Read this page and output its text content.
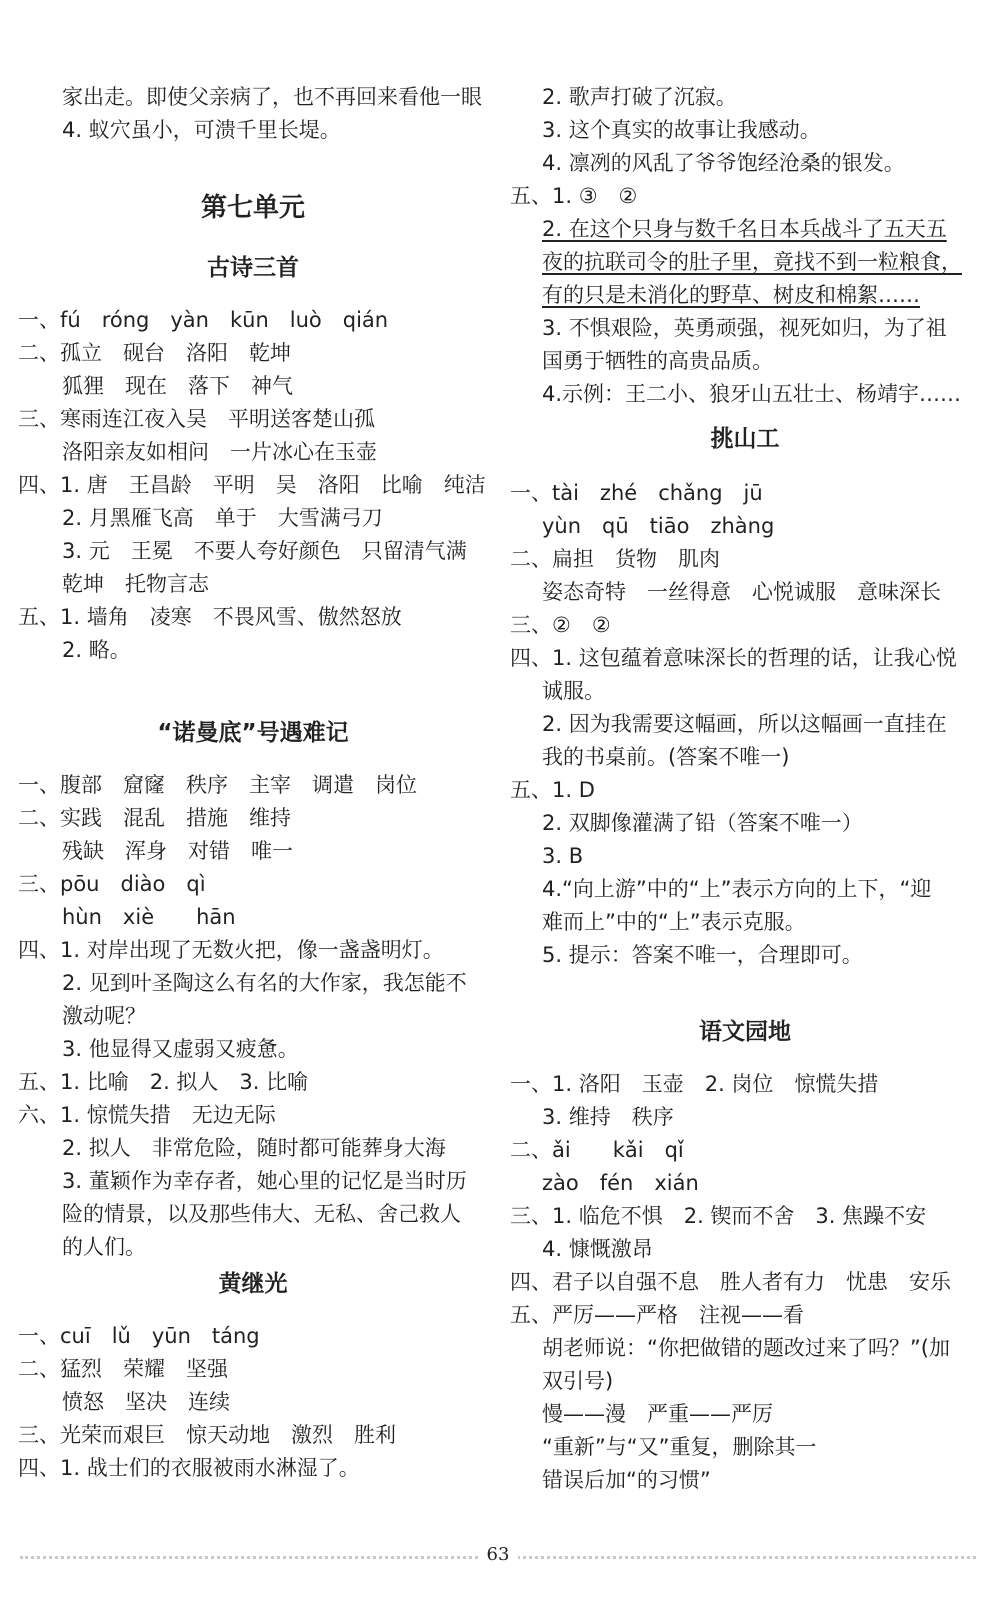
家出走。即使父亲病了，也不再回来看他一眼
4. 蚁穴虽小，可溃千里长堤。
第七单元
古诗三首
一、fú　róng　yàn　kūn　luò　qián
二、孤立　砚台　洛阳　乾坤
狐狸　现在　落下　神气
三、寒雨连江夜入吴　平明送客楚山孤
洛阳亲友如相问　一片冰心在玉壶
四、1. 唐　王昌龄　平明　吴　洛阳　比喻　纯洁
2. 月黑雁飞高　单于　大雪满弓刀
3. 元　王冕　不要人夸好颜色　只留清气满
乾坤　托物言志
五、1. 墙角　凌寒　不畏风雪、傲然怒放
2. 略。
“诺曼底”号遇难记
一、腹部　窟窿　秩序　主宰　调遣　岗位
二、实践　混乱　措施　维持
残缺　浑身　对错　唯一
三、pōu　diào　qì
hùn　xiè　　hān
四、1. 对岸出现了无数火把，像一盏盏明灯。
2. 见到叶圣陶这么有名的大作家，我怎能不
激动呢？
3. 他显得又虚弱又疲惫。
五、1. 比喻　2. 拟人　3. 比喻
六、1. 惊慌失措　无边无际
2. 拟人　非常危险，随时都可能葬身大海
3. 董颖作为幸存者，她心里的记忆是当时历
险的情景，以及那些伟大、无私、舍己救人
的人们。
黄继光
一、cuī　lǔ　yūn　táng
二、猛烈　荣耀　坚强
愤怒　坚决　连续
三、光荣而艰巨　惊天动地　激烈　胜利
四、1. 战士们的衣服被雨水淋湿了。
2. 歌声打破了沉寂。
3. 这个真实的故事让我感动。
4. 凛冽的风乱了爷爷饱经沧桑的银发。
五、1. ③　②
2. 在这个只身与数千名日本兵战斗了五天五
夜的抗联司令的肚子里，竟找不到一粒粮食，
有的只是未消化的野草、树皮和棉絮……
3. 不惧艰险，英勇顽强，视死如归，为了祖
国勇于牺牲的高贵品质。
4.示例：王二小、狼牙山五壮士、杨靖宇……
挑山工
一、tài　zhé　chǎng　jū
yùn　qū　tiāo　zhàng
二、扁担　货物　肌肉
姿态奇特　一丝得意　心悦诚服　意味深长
三、②　②
四、1. 这包蕴着意味深长的哲理的话，让我心悦
诚服。
2. 因为我需要这幅画，所以这幅画一直挂在
我的书桌前。(答案不唯一)
五、1. D
2. 双脚像灌满了铅（答案不唯一）
3. B
4.“向上游”中的“上”表示方向的上下，“迎
难而上”中的“上”表示克服。
5. 提示：答案不唯一，合理即可。
语文园地
一、1. 洛阳　玉壶　2. 岗位　惊慌失措
3. 维持　秩序
二、ǎi　　kǎi　qǐ
zào　fén　xián
三、1. 临危不惧　2. 锲而不舍　3. 焦躁不安
4. 慷慨激昂
四、君子以自强不息　胜人者有力　忧患　安乐
五、严厉——严格　注视——看
胡老师说：“你把做错的题改过来了吗？”(加
双引号)
慢——漫　严重——严厉
“重新”与“又”重复，删除其一
错误后加“的习惯”
63
